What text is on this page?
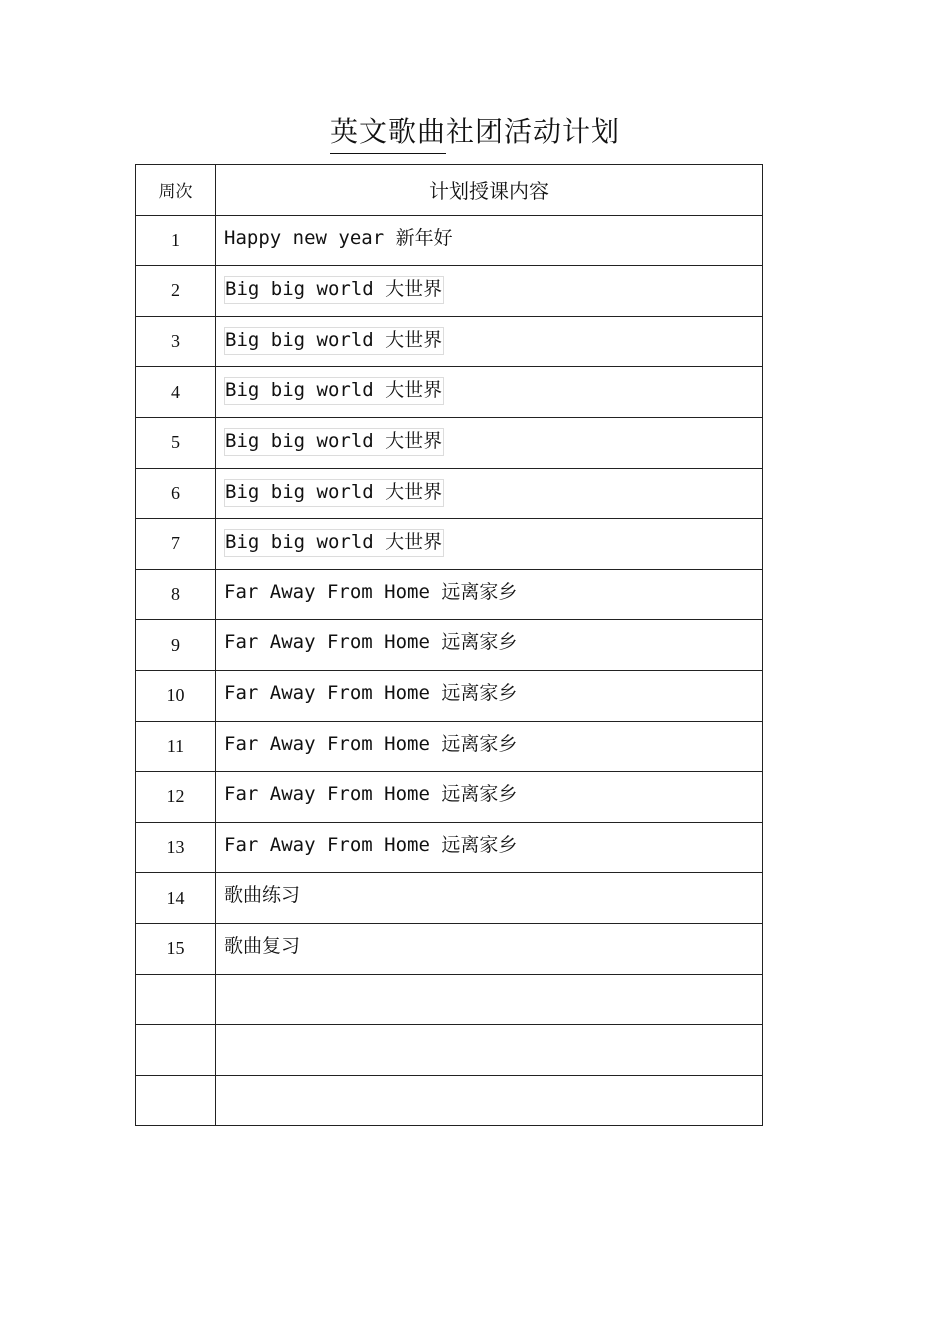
英文歌曲社团活动计划
周次	计划授课内容
1	Happy new year 新年好
2	Big big world 大世界
3	Big big world 大世界
4	Big big world 大世界
5	Big big world 大世界
6	Big big world 大世界
7	Big big world 大世界
8	Far Away From Home 远离家乡
9	Far Away From Home 远离家乡
10	Far Away From Home 远离家乡
11	Far Away From Home 远离家乡
12	Far Away From Home 远离家乡
13	Far Away From Home 远离家乡
14	歌曲练习
15	歌曲复习
